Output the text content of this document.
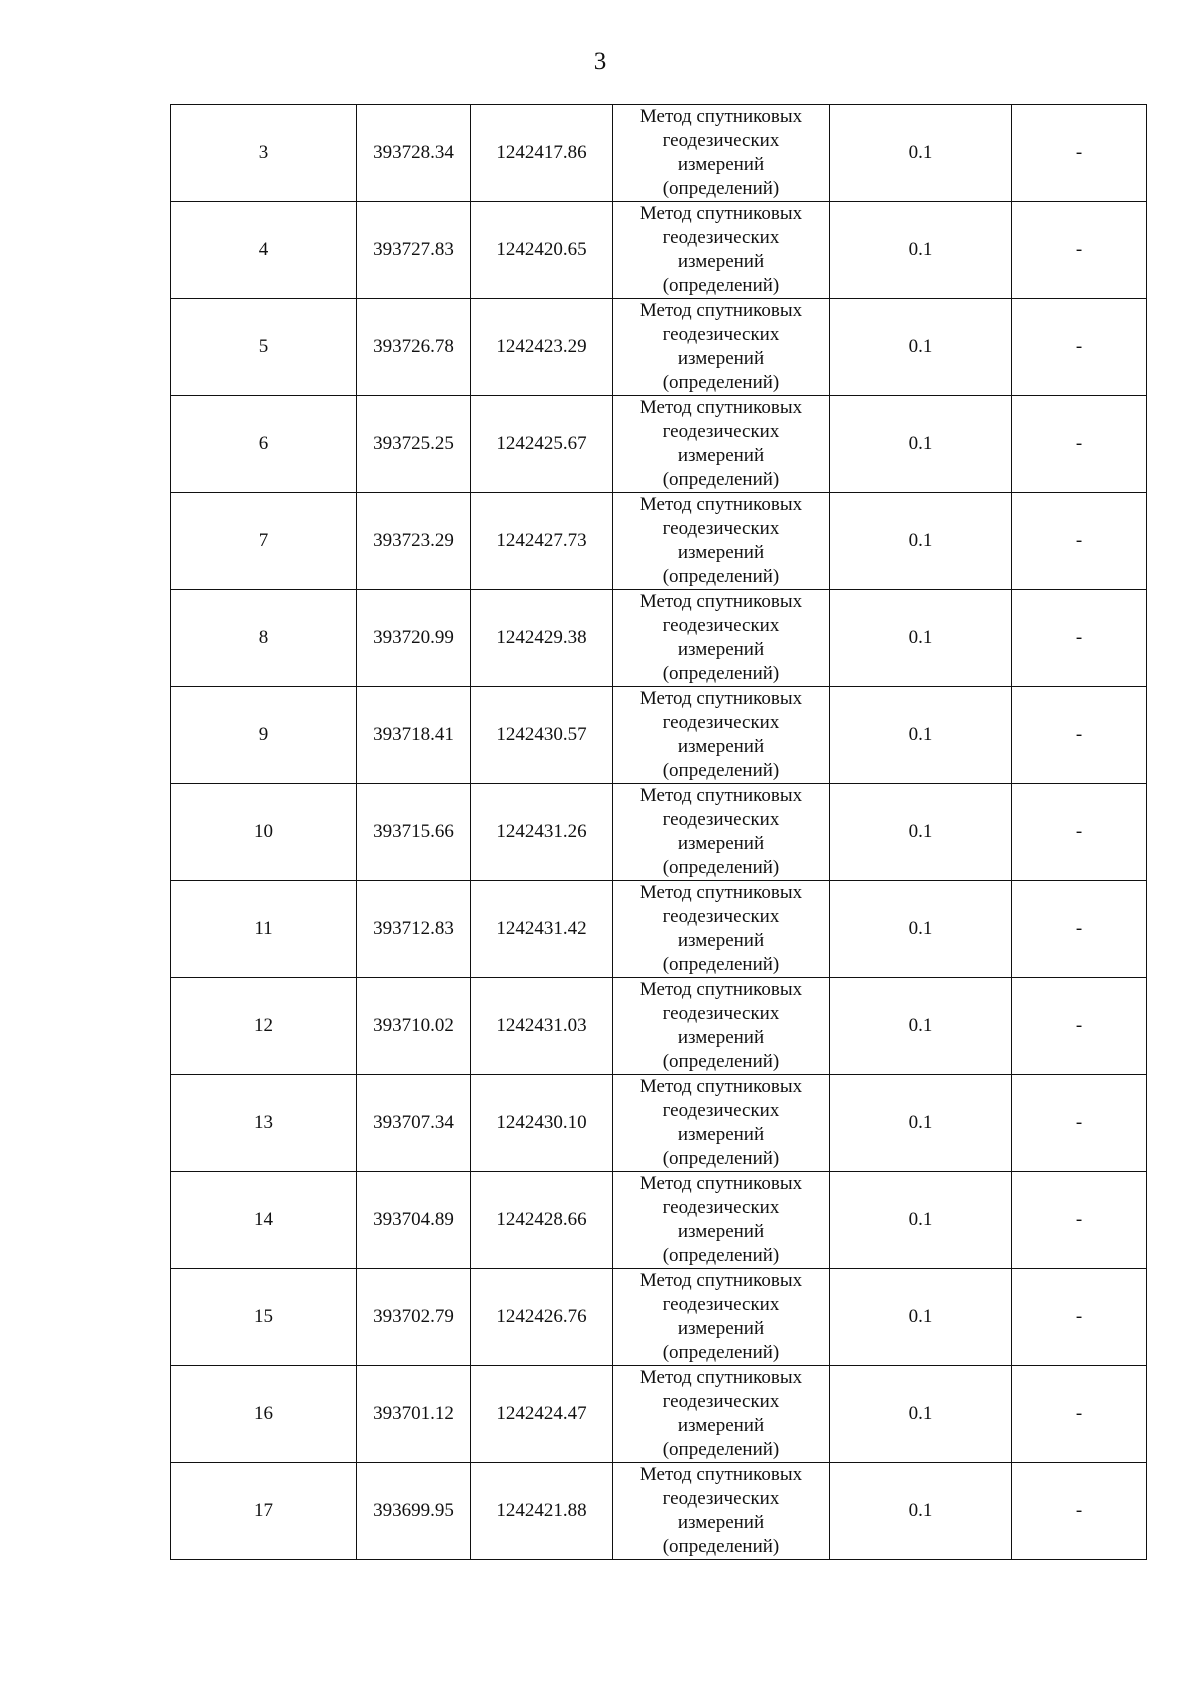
3
3	393728.34	1242417.86	Метод спутниковых
геодезических
измерений
(определений)	0.1	-
4	393727.83	1242420.65	Метод спутниковых
геодезических
измерений
(определений)	0.1	-
5	393726.78	1242423.29	Метод спутниковых
геодезических
измерений
(определений)	0.1	-
6	393725.25	1242425.67	Метод спутниковых
геодезических
измерений
(определений)	0.1	-
7	393723.29	1242427.73	Метод спутниковых
геодезических
измерений
(определений)	0.1	-
8	393720.99	1242429.38	Метод спутниковых
геодезических
измерений
(определений)	0.1	-
9	393718.41	1242430.57	Метод спутниковых
геодезических
измерений
(определений)	0.1	-
10	393715.66	1242431.26	Метод спутниковых
геодезических
измерений
(определений)	0.1	-
11	393712.83	1242431.42	Метод спутниковых
геодезических
измерений
(определений)	0.1	-
12	393710.02	1242431.03	Метод спутниковых
геодезических
измерений
(определений)	0.1	-
13	393707.34	1242430.10	Метод спутниковых
геодезических
измерений
(определений)	0.1	-
14	393704.89	1242428.66	Метод спутниковых
геодезических
измерений
(определений)	0.1	-
15	393702.79	1242426.76	Метод спутниковых
геодезических
измерений
(определений)	0.1	-
16	393701.12	1242424.47	Метод спутниковых
геодезических
измерений
(определений)	0.1	-
17	393699.95	1242421.88	Метод спутниковых
геодезических
измерений
(определений)	0.1	-
